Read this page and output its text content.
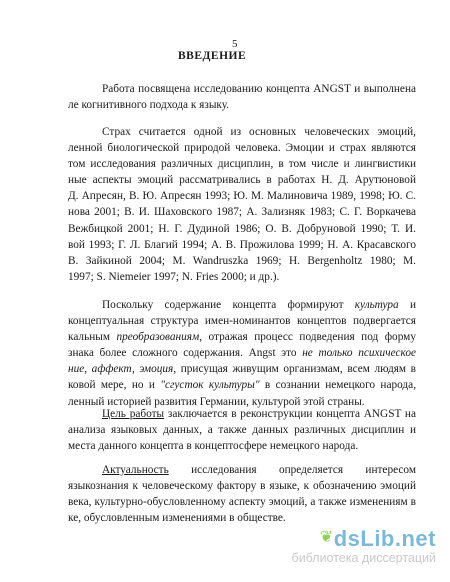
5
ВВЕДЕНИЕ

Работа посвящена исследованию концепта ANGST и выполнена
ле когнитивного подхода к языку.

Страх считается одной из основных человеческих эмоций,
ленной биологической природой человека. Эмоции и страх являются
том исследования различных дисциплин, в том числе и лингвистики
ные аспекты эмоций рассматривались в работах Н. Д. Арутюновой
Д. Апресян, В. Ю. Апресян 1993; Ю. М. Малиновича 1989, 1998; Ю. С.
нова 2001; В. И. Шаховского 1987; А. Зализняк 1983; С. Г. Воркачева
Вежбицкой 2001; Н. Г. Дудиной 1986; О. В. Добруновой 1990; Т. И.
вой 1993; Г. Л. Благий 1994; А. В. Прожилова 1999; Н. А. Красавского
В. Зайкиной 2004; M. Wandruszka 1969; H. Bergenholtz 1980; M.
1997; S. Niemeier 1997; N. Fries 2000; и др.).

Поскольку содержание концепта формируют культура и
концептуальная структура имен-номинантов концептов подвергается
кальным преобразованиям, отражая процесс подведения под форму
знака более сложного содержания. Angst это не только психическое
ние, аффект, эмоция, присущая живущим организмам, всем людям в
ковой мере, но и "сгусток культуры" в сознании немецкого народа,
ленный историей развития Германии, культурой этой страны.

Цель работы заключается в реконструкции концепта ANGST на
анализа языковых данных, а также данных различных дисциплин и
места данного концепта в концептосфере немецкого народа.

Актуальность исследования определяется интересом
языкознания к человеческому фактору в языке, к обозначению эмоций
века, культурно-обусловленному аспекту эмоций, а также изменениям в
ке, обусловленным изменениями в обществе.

❦dsLib.net
библиотека диссертаций
